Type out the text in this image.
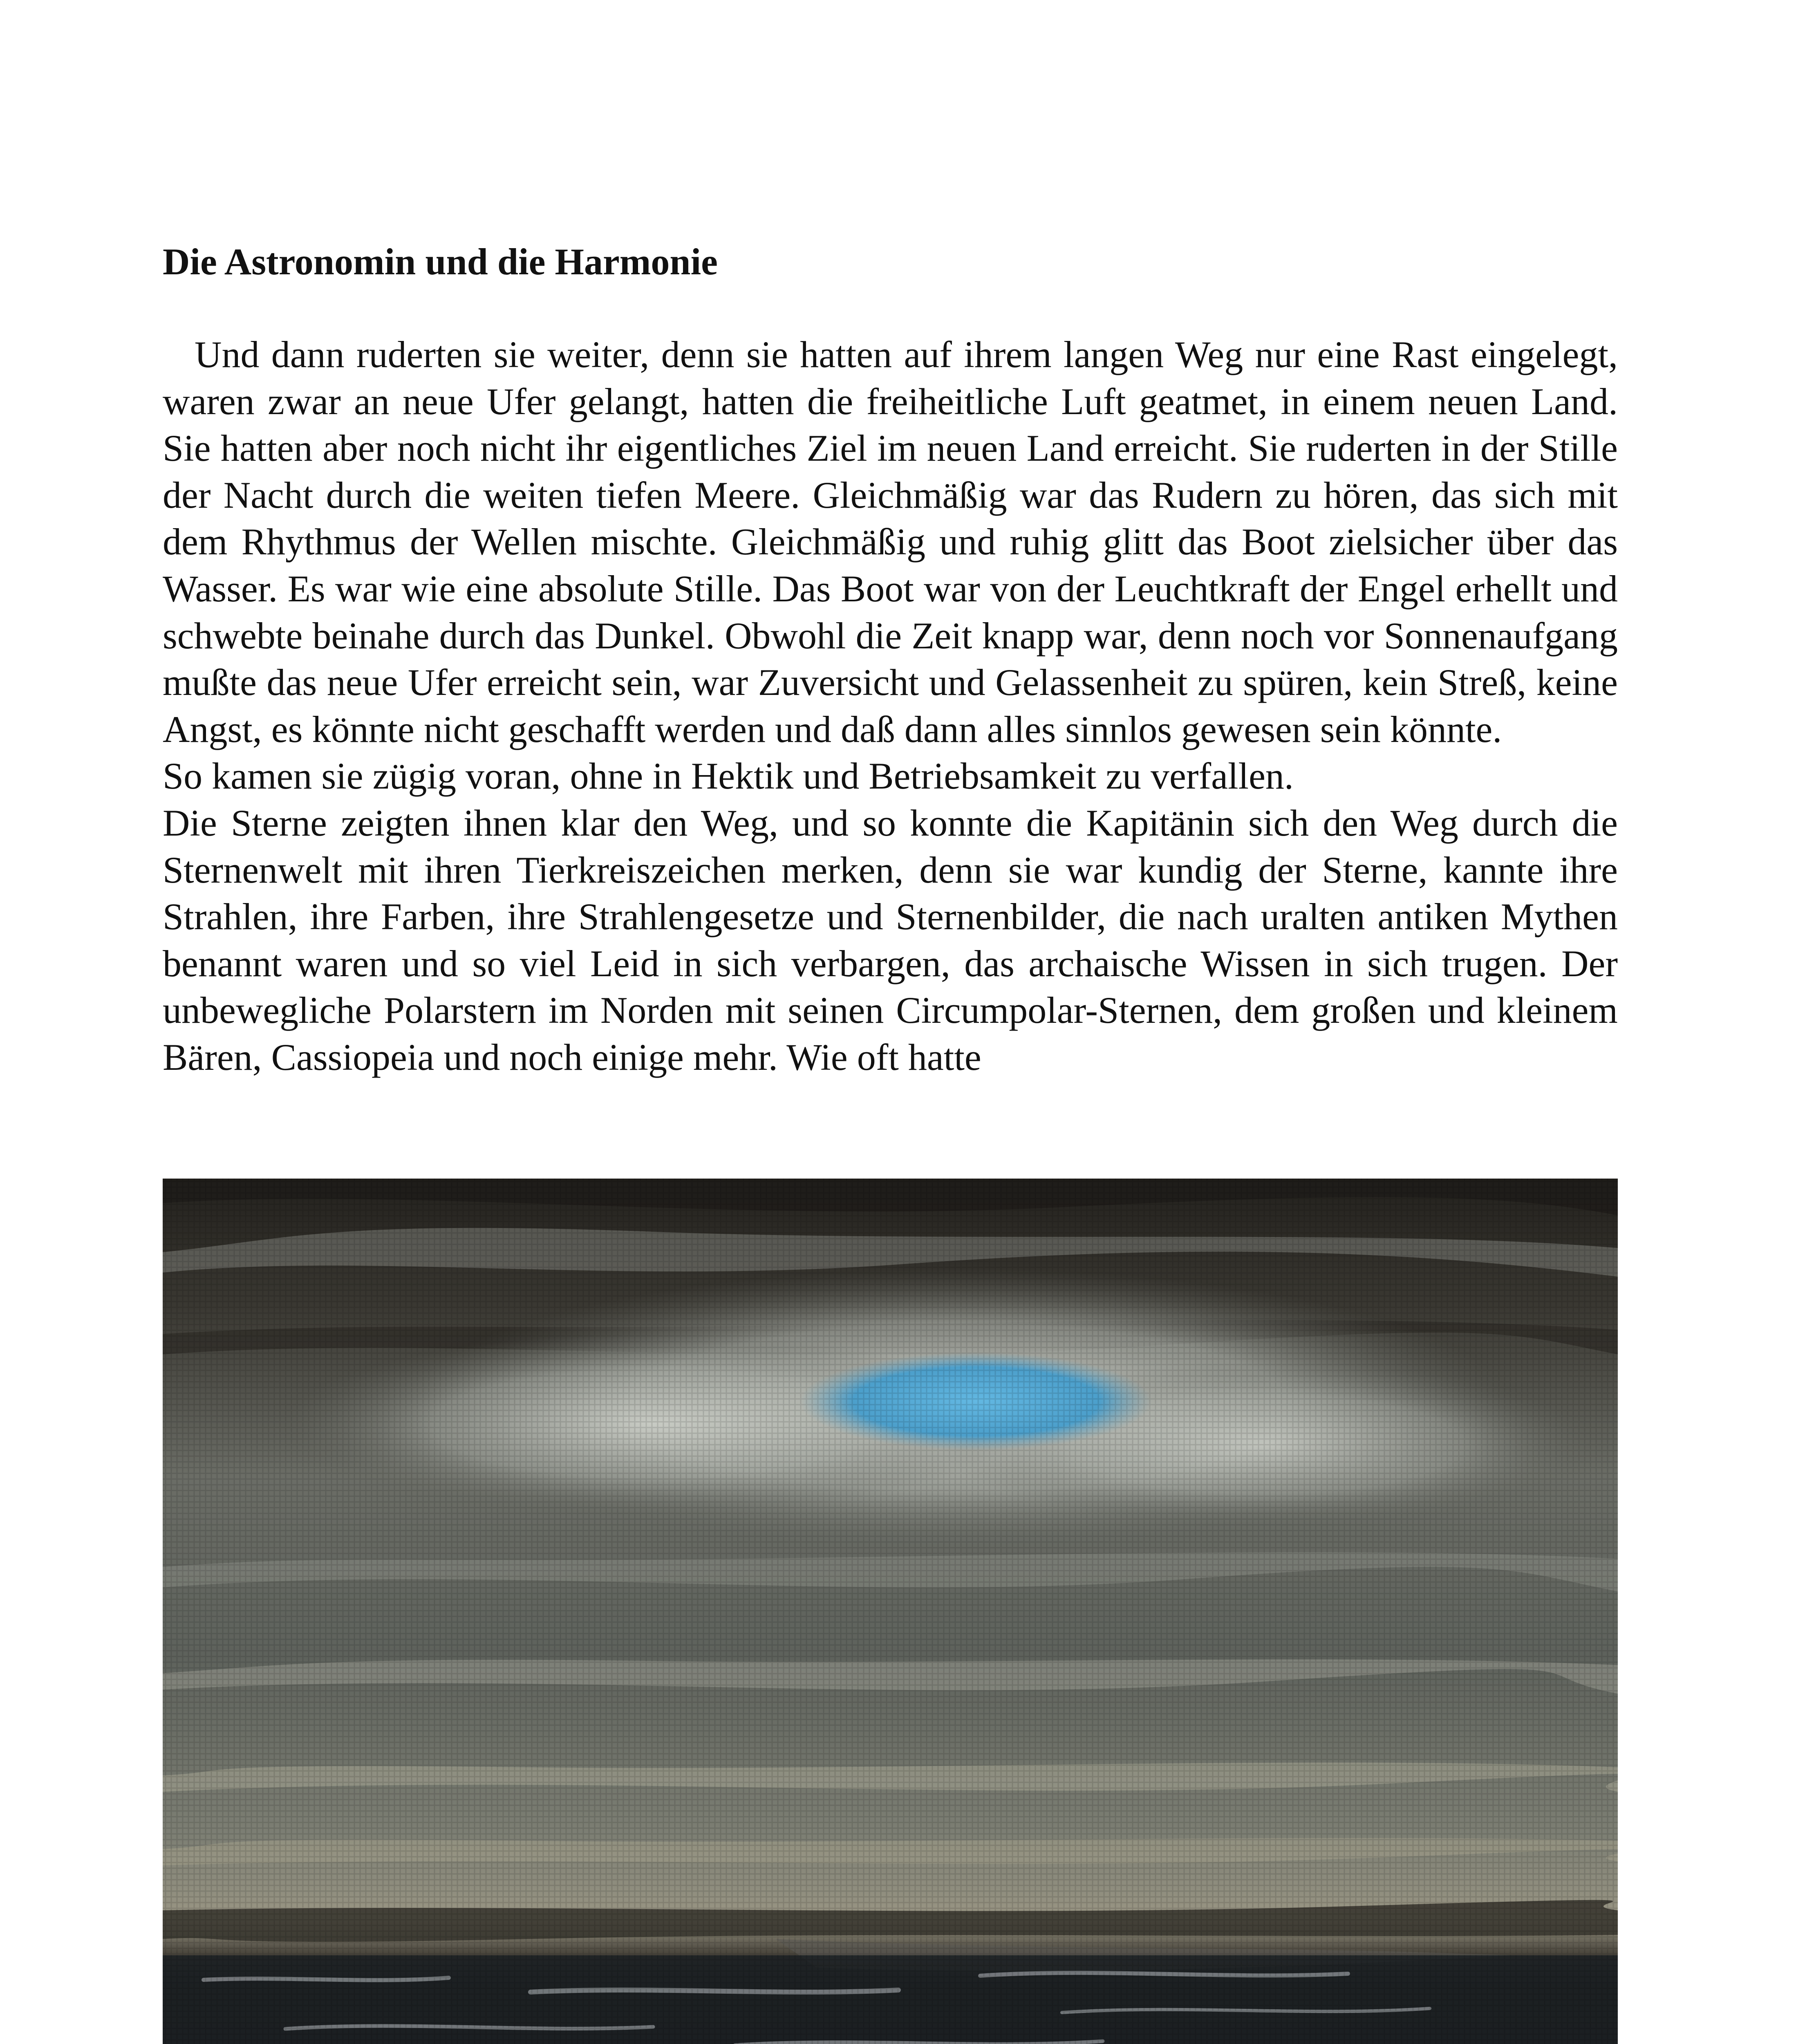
Die Astronomin und die Harmonie

Und dann ruderten sie weiter, denn sie hatten auf ihrem langen Weg nur eine Rast eingelegt, waren zwar an neue Ufer gelangt, hatten die freiheitliche Luft geatmet, in einem neuen Land. Sie hatten aber noch nicht ihr eigentliches Ziel im neuen Land erreicht. Sie ruderten in der Stille der Nacht durch die weiten tiefen Meere. Gleichmäßig war das Rudern zu hören, das sich mit dem Rhythmus der Wellen mischte. Gleichmäßig und ruhig glitt das Boot zielsicher über das Wasser. Es war wie eine absolute Stille. Das Boot war von der Leuchtkraft der Engel erhellt und schwebte beinahe durch das Dunkel. Obwohl die Zeit knapp war, denn noch vor Sonnenaufgang mußte das neue Ufer erreicht sein, war Zuversicht und Gelassenheit zu spüren, kein Streß, keine Angst, es könnte nicht geschafft werden und daß dann alles sinnlos gewesen sein könnte.

So kamen sie zügig voran, ohne in Hektik und Betriebsamkeit zu verfallen.

Die Sterne zeigten ihnen klar den Weg, und so konnte die Kapitänin sich den Weg durch die Sternenwelt mit ihren Tierkreiszeichen merken, denn sie war kundig der Sterne, kannte ihre Strahlen, ihre Farben, ihre Strahlengesetze und Sternenbilder, die nach uralten antiken Mythen benannt waren und so viel Leid in sich verbargen, das archaische Wissen in sich trugen. Der unbewegliche Polarstern im Norden mit seinen Circumpolar-Sternen, dem großen und kleinem Bären, Cassiopeia und noch einige mehr. Wie oft hatte
